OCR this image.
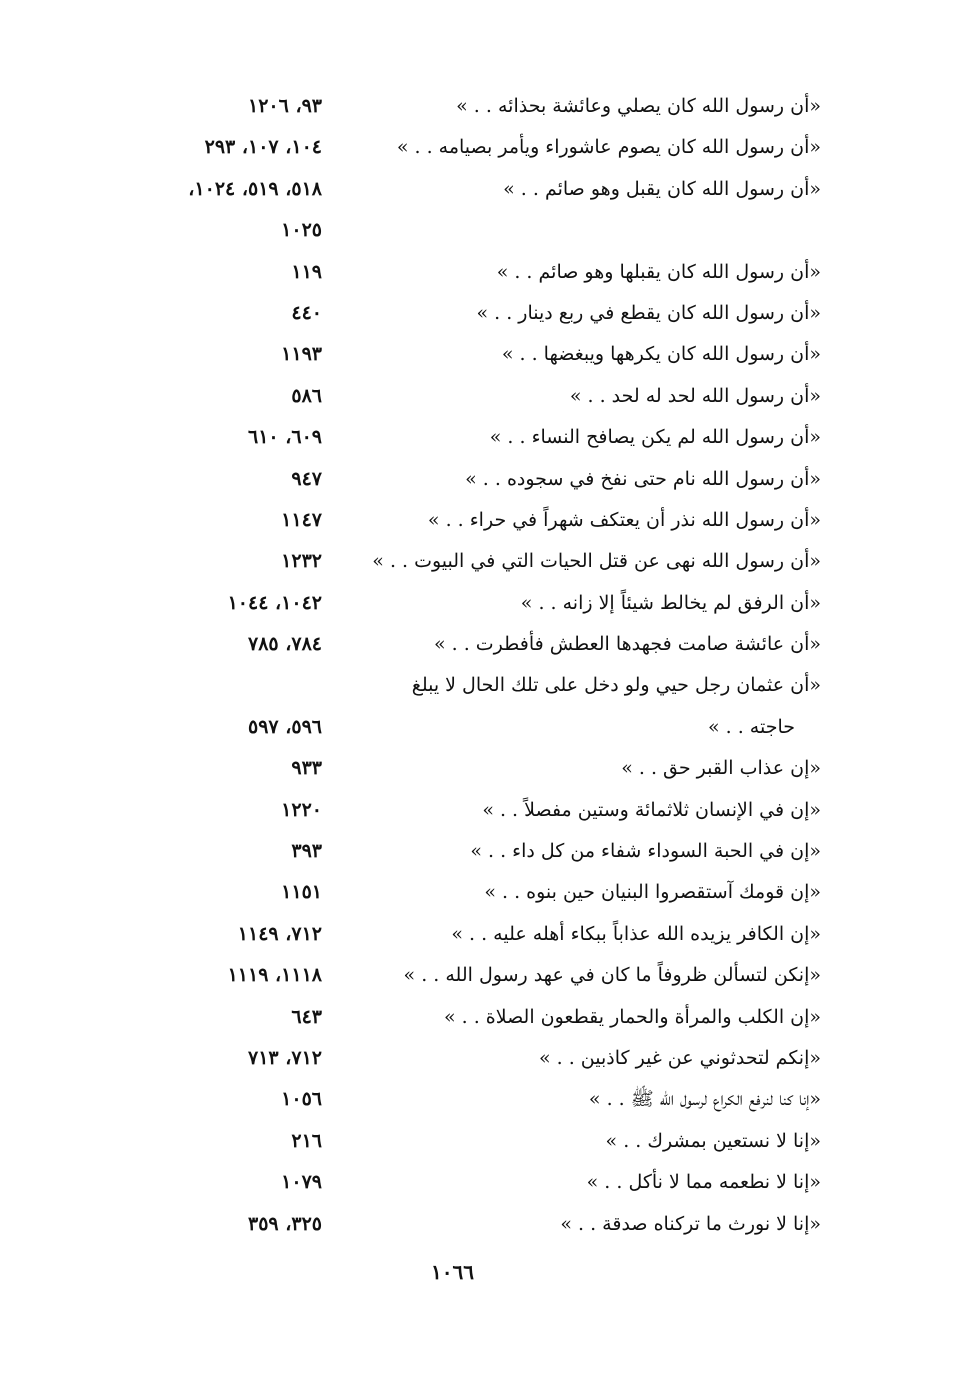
«أن رسول الله كان يصلي وعائشة بحذائه . . »
٩٣، ١٢٠٦
«أن رسول الله كان يصوم عاشوراء ويأمر بصيامه . . »
١٠٤، ١٠٧، ٢٩٣
«أن رسول الله كان يقبل وهو صائم . . »
٥١٨، ٥١٩، ١٠٢٤،
١٠٢٥
«أن رسول الله كان يقبلها وهو صائم . . »
١١٩
«أن رسول الله كان يقطع في ربع دينار . . »
٤٤٠
«أن رسول الله كان يكرهها ويبغضها . . »
١١٩٣
«أن رسول الله لحد له لحد . . »
٥٨٦
«أن رسول الله لم يكن يصافح النساء . . »
٦٠٩، ٦١٠
«أن رسول الله نام حتى نفخ في سجوده . . »
٩٤٧
«أن رسول الله نذر أن يعتكف شهراً في حراء . . »
١١٤٧
«أن رسول الله نهى عن قتل الحيات التي في البيوت . . »
١٢٣٢
«أن الرفق لم يخالط شيئاً إلا زانه . . »
١٠٤٢، ١٠٤٤
«أن عائشة صامت فجهدها العطش فأفطرت . . »
٧٨٤، ٧٨٥
«أن عثمان رجل حيي ولو دخل على تلك الحال لا يبلغ
حاجته . . »
٥٩٦، ٥٩٧
«إن عذاب القبر حق . . »
٩٣٣
«إن في الإنسان ثلاثمائة وستين مفصلاً . . »
١٢٢٠
«إن في الحبة السوداء شفاء من كل داء . . »
٣٩٣
«إن قومك آستقصروا البنيان حين بنوه . . »
١١٥١
«إن الكافر يزيده الله عذاباً ببكاء أهله عليه . . »
٧١٢، ١١٤٩
«إنكن لتسألن ظروفاً ما كان في عهد رسول الله . . »
١١١٨، ١١١٩
«إن الكلب والمرأة والحمار يقطعون الصلاة . . »
٦٤٣
«إنكم لتحدثوني عن غير كاذبين . . »
٧١٢، ٧١٣
«إنا كنا لنرفع الكراع لرسول الله ﷺ . . »
١٠٥٦
«إنا لا نستعين بمشرك . . »
٢١٦
«إنا لا نطعمه مما لا نأكل . . »
١٠٧٩
«إنا لا نورث ما تركناه صدقة . . »
٣٢٥، ٣٥٩
١٠٦٦
